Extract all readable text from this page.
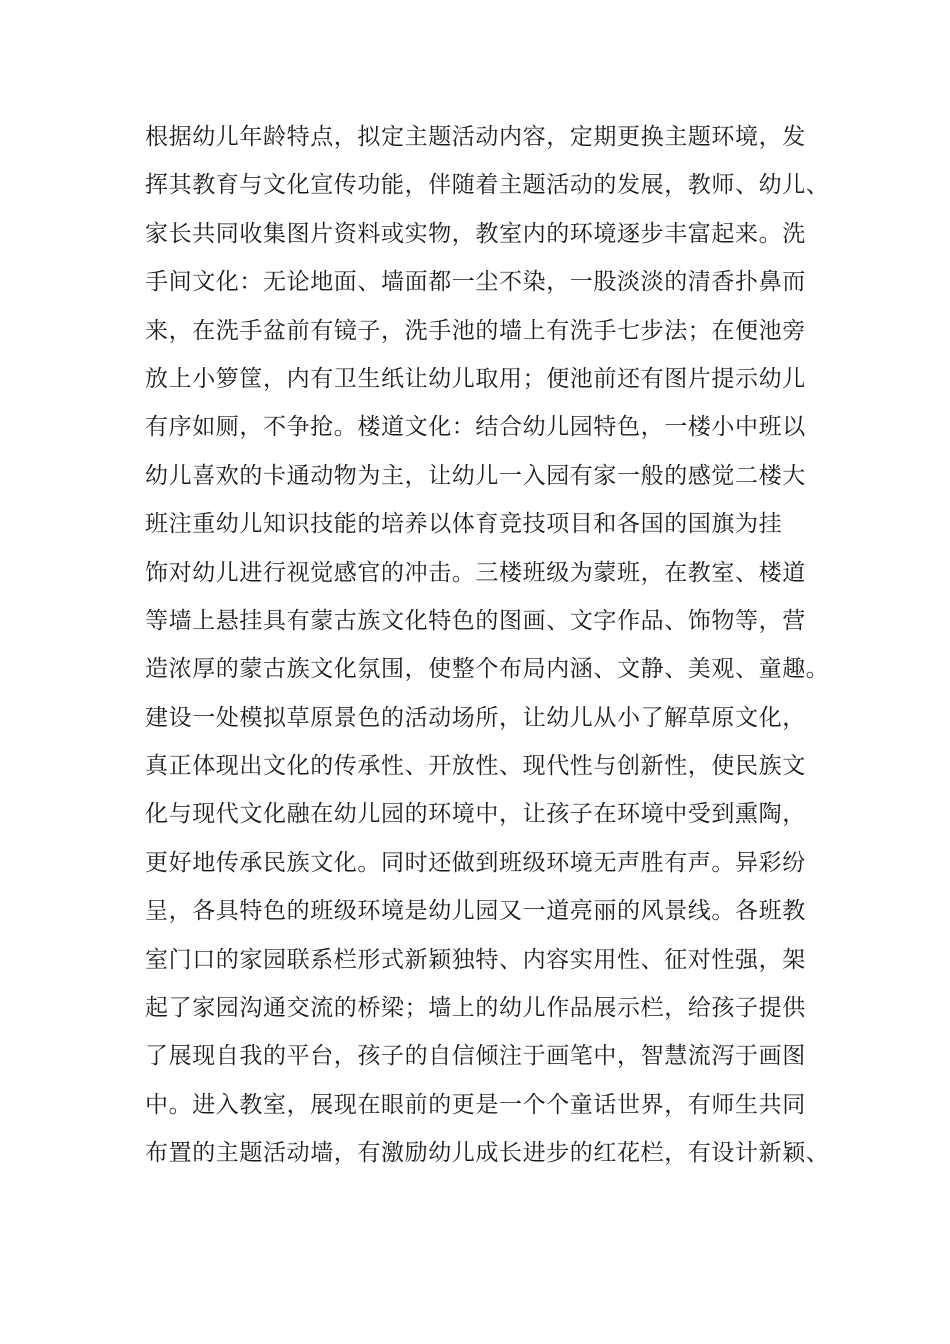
根据幼儿年龄特点，拟定主题活动内容，定期更换主题环境，发
挥其教育与文化宣传功能，伴随着主题活动的发展，教师、幼儿、
家长共同收集图片资料或实物，教室内的环境逐步丰富起来。洗
手间文化：无论地面、墙面都一尘不染，一股淡淡的清香扑鼻而
来，在洗手盆前有镜子，洗手池的墙上有洗手七步法；在便池旁
放上小箩筐，内有卫生纸让幼儿取用；便池前还有图片提示幼儿
有序如厕，不争抢。楼道文化：结合幼儿园特色，一楼小中班以
幼儿喜欢的卡通动物为主，让幼儿一入园有家一般的感觉二楼大
班注重幼儿知识技能的培养以体育竞技项目和各国的国旗为挂
饰对幼儿进行视觉感官的冲击。三楼班级为蒙班，在教室、楼道
等墙上悬挂具有蒙古族文化特色的图画、文字作品、饰物等，营
造浓厚的蒙古族文化氛围，使整个布局内涵、文静、美观、童趣。
建设一处模拟草原景色的活动场所，让幼儿从小了解草原文化，
真正体现出文化的传承性、开放性、现代性与创新性，使民族文
化与现代文化融在幼儿园的环境中，让孩子在环境中受到熏陶，
更好地传承民族文化。同时还做到班级环境无声胜有声。异彩纷
呈，各具特色的班级环境是幼儿园又一道亮丽的风景线。各班教
室门口的家园联系栏形式新颖独特、内容实用性、征对性强，架
起了家园沟通交流的桥梁；墙上的幼儿作品展示栏，给孩子提供
了展现自我的平台，孩子的自信倾注于画笔中，智慧流泻于画图
中。进入教室，展现在眼前的更是一个个童话世界，有师生共同
布置的主题活动墙，有激励幼儿成长进步的红花栏，有设计新颖、
